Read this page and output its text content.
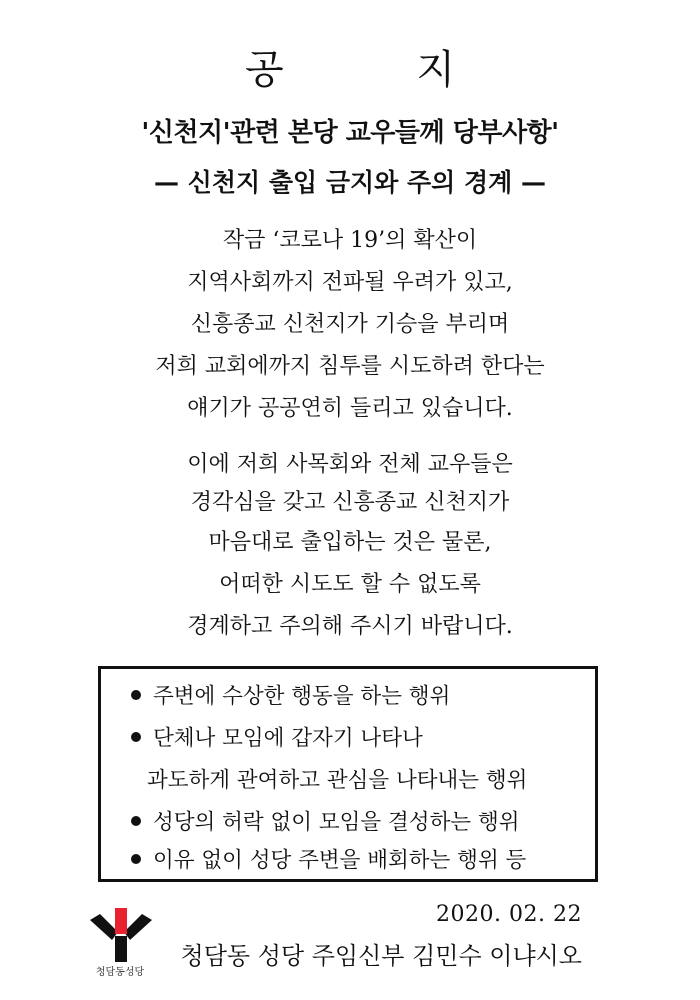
공 지
'신천지'관련 본당 교우들께 당부사항'
— 신천지 출입 금지와 주의 경계 —
작금 ‘코로나 19’의 확산이
지역사회까지 전파될 우려가 있고,
신흥종교 신천지가 기승을 부리며
저희 교회에까지 침투를 시도하려 한다는
얘기가 공공연히 들리고 있습니다.
이에 저희 사목회와 전체 교우들은
경각심을 갖고 신흥종교 신천지가
마음대로 출입하는 것은 물론,
어떠한 시도도 할 수 없도록
경계하고 주의해 주시기 바랍니다.
주변에 수상한 행동을 하는 행위
단체나 모임에 갑자기 나타나
과도하게 관여하고 관심을 나타내는 행위
성당의 허락 없이 모임을 결성하는 행위
이유 없이 성당 주변을 배회하는 행위 등
청담동성당
2020. 02. 22
청담동 성당 주임신부 김민수 이냐시오
